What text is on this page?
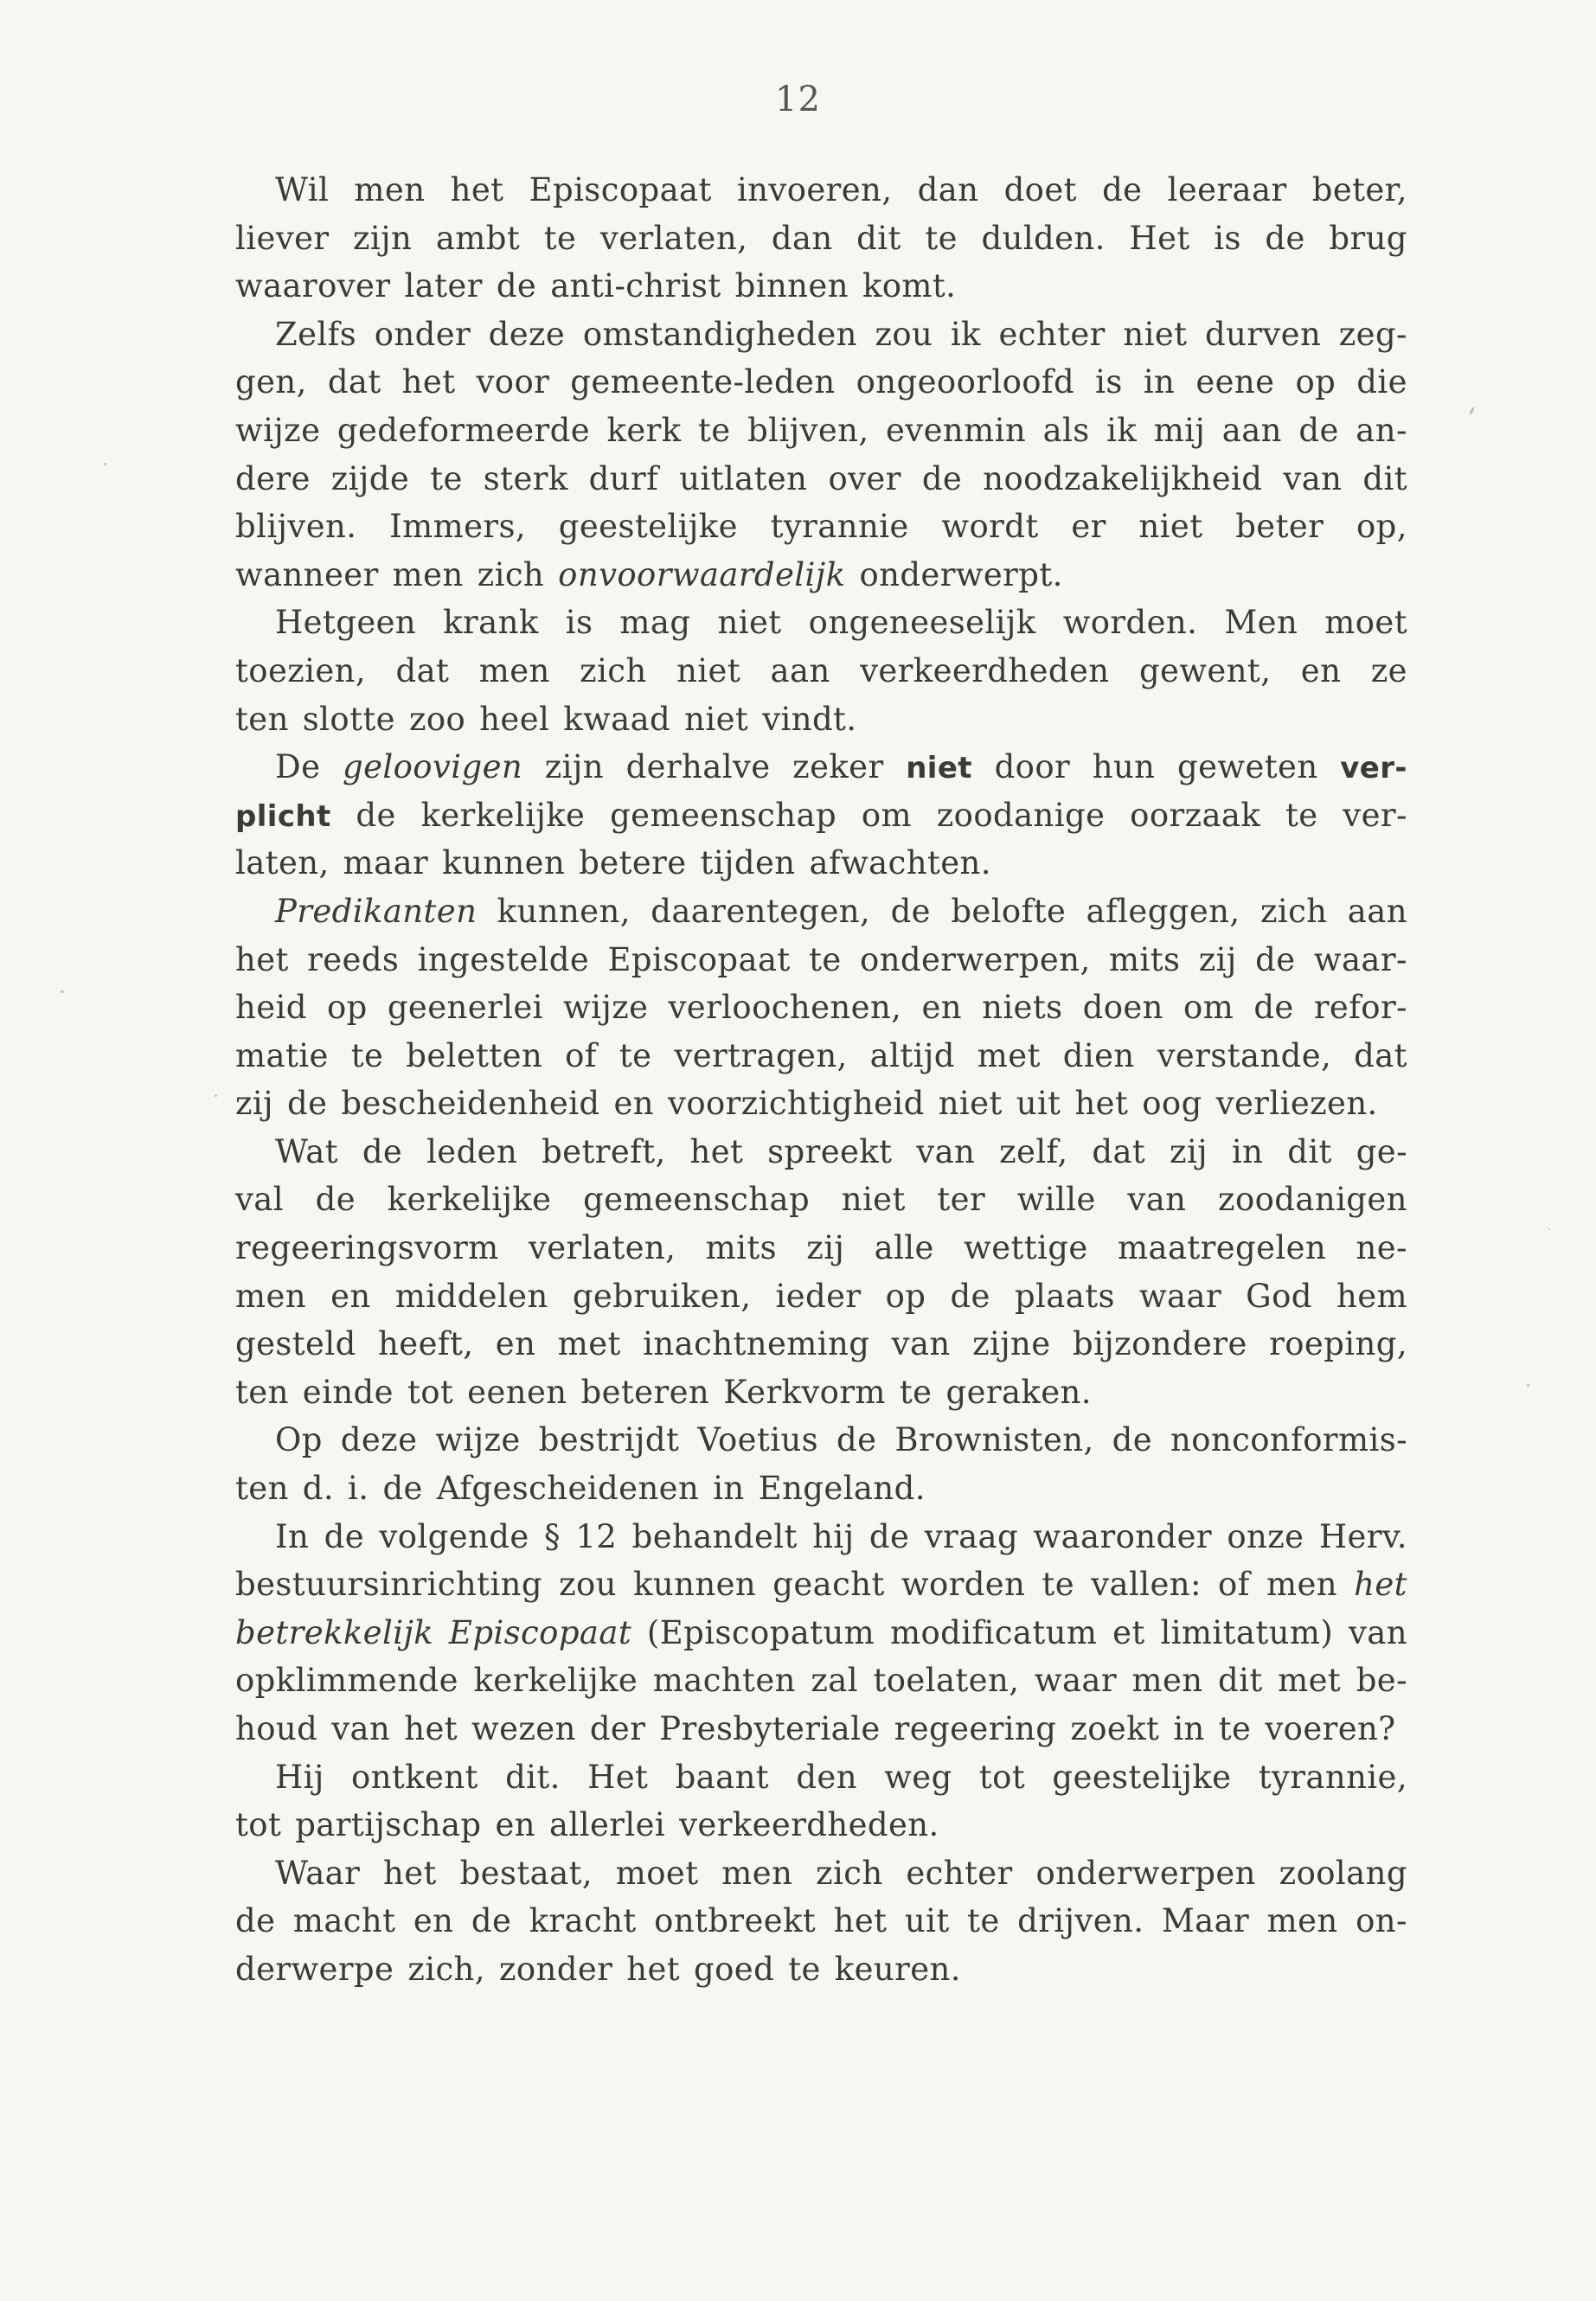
12
Wil men het Episcopaat invoeren, dan doet de leeraar beter,
liever zijn ambt te verlaten, dan dit te dulden. Het is de brug
waarover later de anti-christ binnen komt.
Zelfs onder deze omstandigheden zou ik echter niet durven zeg-
gen, dat het voor gemeente-leden ongeoorloofd is in eene op die
wijze gedeformeerde kerk te blijven, evenmin als ik mij aan de an-
dere zijde te sterk durf uitlaten over de noodzakelijkheid van dit
blijven. Immers, geestelijke tyrannie wordt er niet beter op,
wanneer men zich onvoorwaardelijk onderwerpt.
Hetgeen krank is mag niet ongeneeselijk worden. Men moet
toezien, dat men zich niet aan verkeerdheden gewent, en ze
ten slotte zoo heel kwaad niet vindt.
De geloovigen zijn derhalve zeker niet door hun geweten ver-
plicht de kerkelijke gemeenschap om zoodanige oorzaak te ver-
laten, maar kunnen betere tijden afwachten.
Predikanten kunnen, daarentegen, de belofte afleggen, zich aan
het reeds ingestelde Episcopaat te onderwerpen, mits zij de waar-
heid op geenerlei wijze verloochenen, en niets doen om de refor-
matie te beletten of te vertragen, altijd met dien verstande, dat
zij de bescheidenheid en voorzichtigheid niet uit het oog verliezen.
Wat de leden betreft, het spreekt van zelf, dat zij in dit ge-
val de kerkelijke gemeenschap niet ter wille van zoodanigen
regeeringsvorm verlaten, mits zij alle wettige maatregelen ne-
men en middelen gebruiken, ieder op de plaats waar God hem
gesteld heeft, en met inachtneming van zijne bijzondere roeping,
ten einde tot eenen beteren Kerkvorm te geraken.
Op deze wijze bestrijdt Voetius de Brownisten, de nonconformis-
ten d. i. de Afgescheidenen in Engeland.
In de volgende § 12 behandelt hij de vraag waaronder onze Herv.
bestuursinrichting zou kunnen geacht worden te vallen: of men het
betrekkelijk Episcopaat (Episcopatum modificatum et limitatum) van
opklimmende kerkelijke machten zal toelaten, waar men dit met be-
houd van het wezen der Presbyteriale regeering zoekt in te voeren?
Hij ontkent dit. Het baant den weg tot geestelijke tyrannie,
tot partijschap en allerlei verkeerdheden.
Waar het bestaat, moet men zich echter onderwerpen zoolang
de macht en de kracht ontbreekt het uit te drijven. Maar men on-
derwerpe zich, zonder het goed te keuren.
